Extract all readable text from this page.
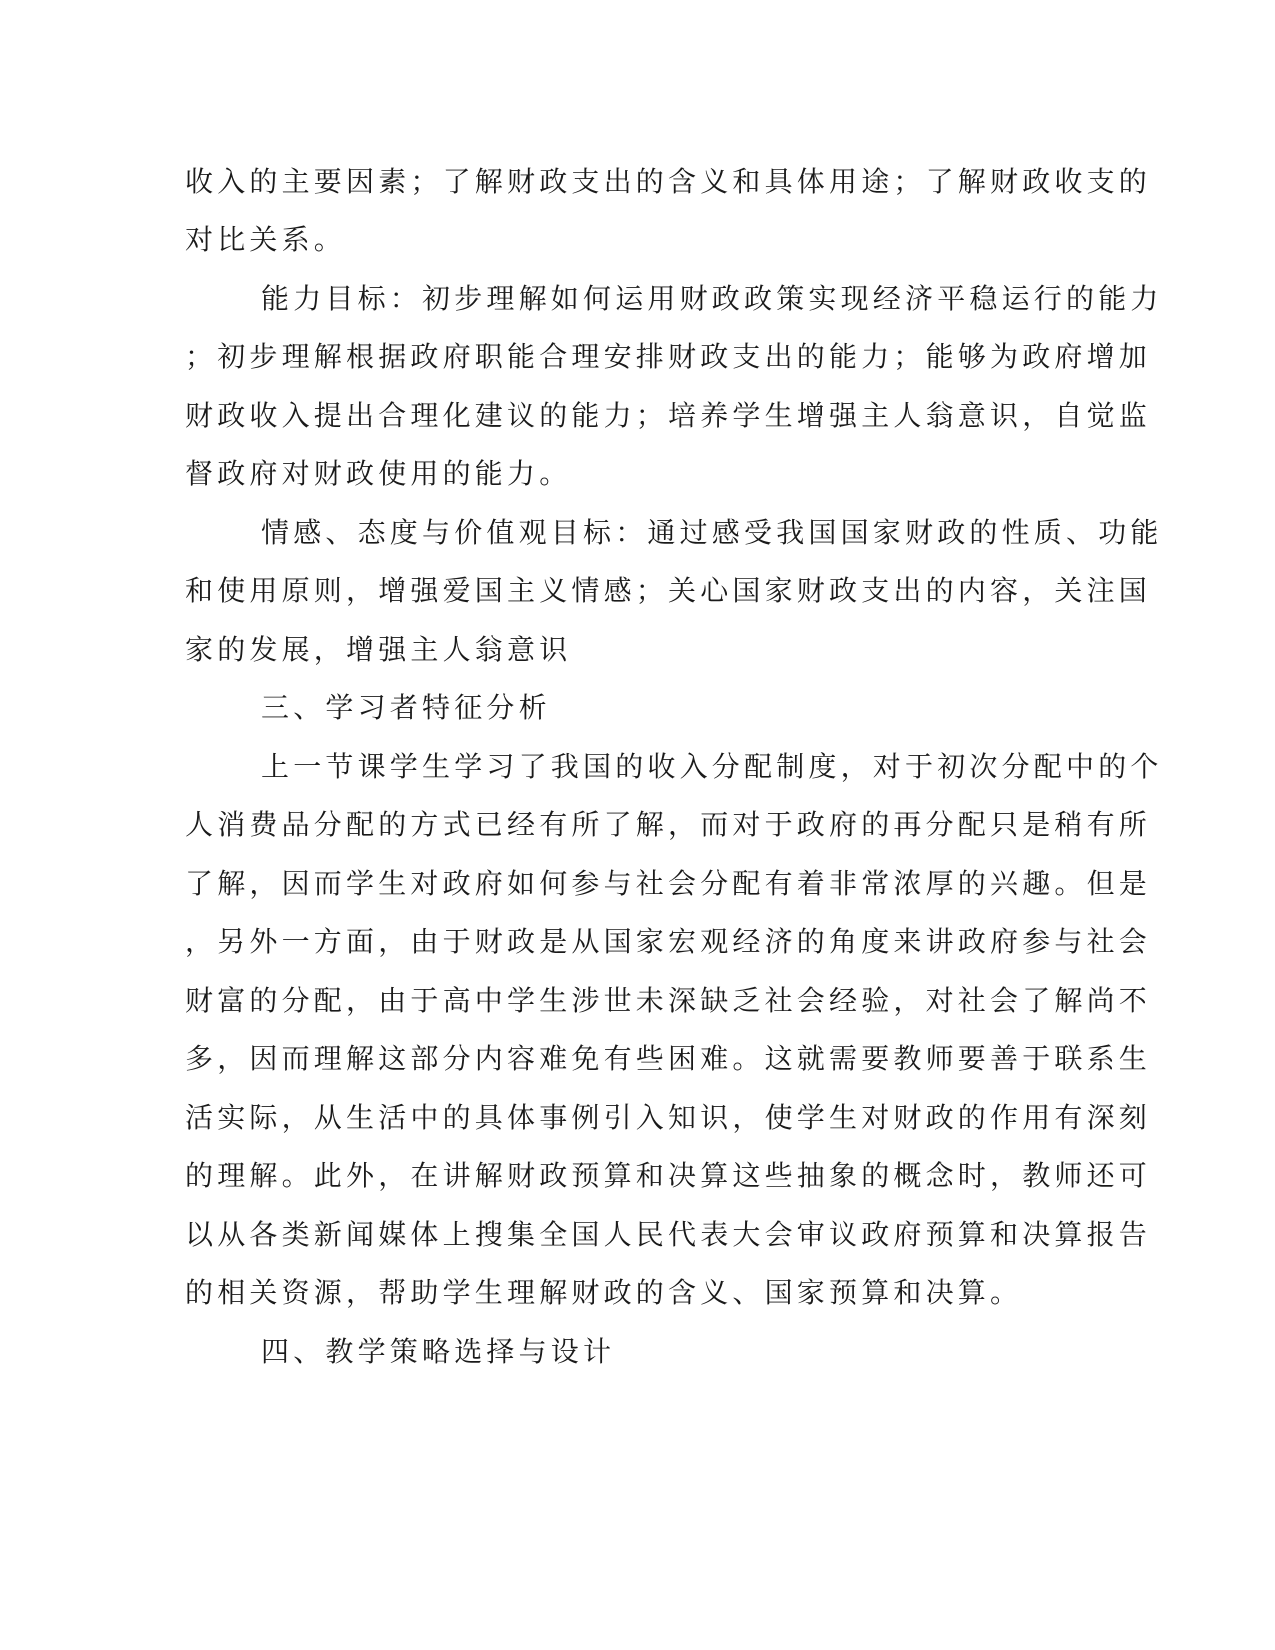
收入的主要因素；了解财政支出的含义和具体用途；了解财政收支的
对比关系。
能力目标：初步理解如何运用财政政策实现经济平稳运行的能力
；初步理解根据政府职能合理安排财政支出的能力；能够为政府增加
财政收入提出合理化建议的能力；培养学生增强主人翁意识，自觉监
督政府对财政使用的能力。
情感、态度与价值观目标：通过感受我国国家财政的性质、功能
和使用原则，增强爱国主义情感；关心国家财政支出的内容，关注国
家的发展，增强主人翁意识
三、学习者特征分析
上一节课学生学习了我国的收入分配制度，对于初次分配中的个
人消费品分配的方式已经有所了解，而对于政府的再分配只是稍有所
了解，因而学生对政府如何参与社会分配有着非常浓厚的兴趣。但是
，另外一方面，由于财政是从国家宏观经济的角度来讲政府参与社会
财富的分配，由于高中学生涉世未深缺乏社会经验，对社会了解尚不
多，因而理解这部分内容难免有些困难。这就需要教师要善于联系生
活实际，从生活中的具体事例引入知识，使学生对财政的作用有深刻
的理解。此外，在讲解财政预算和决算这些抽象的概念时，教师还可
以从各类新闻媒体上搜集全国人民代表大会审议政府预算和决算报告
的相关资源，帮助学生理解财政的含义、国家预算和决算。
四、教学策略选择与设计
